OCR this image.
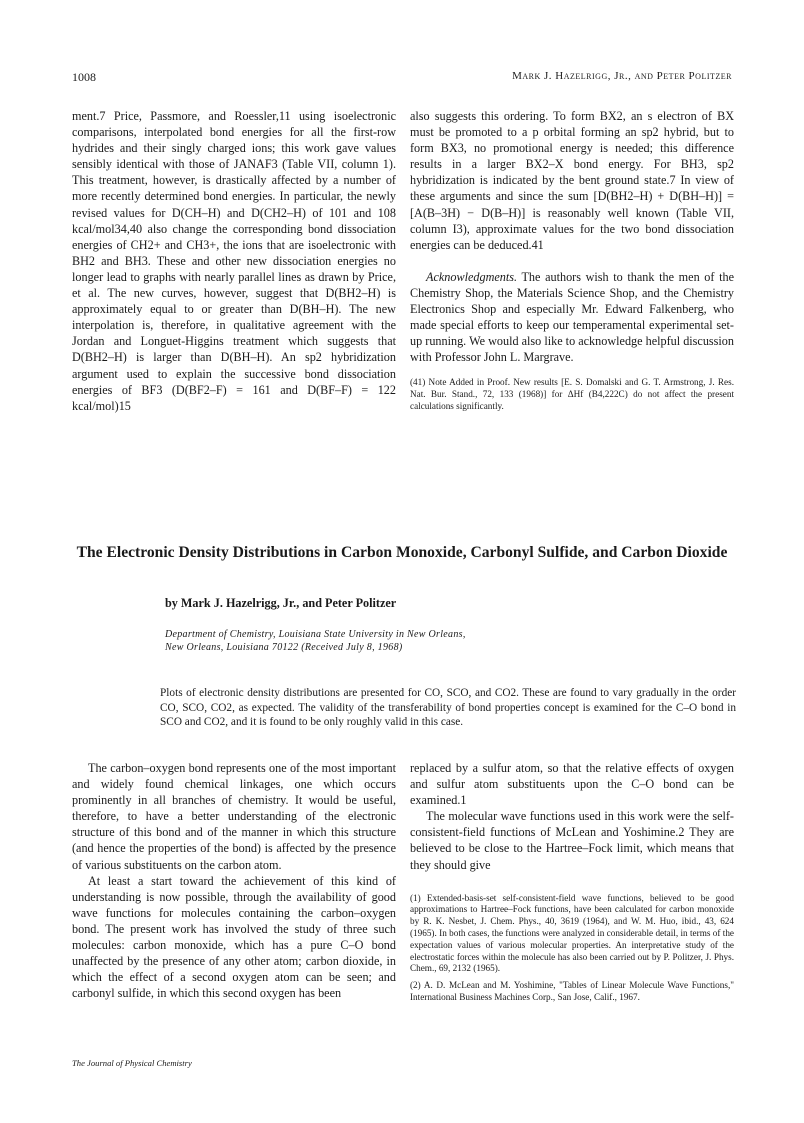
1008	Mark J. Hazelrigg, Jr., and Peter Politzer

ment.7 Price, Passmore, and Roessler,11 using isoelectronic comparisons, interpolated bond energies for all the first-row hydrides and their singly charged ions; this work gave values sensibly identical with those of JANAF3 (Table VII, column 1). This treatment, however, is drastically affected by a number of more recently determined bond energies. In particular, the newly revised values for D(CH–H) and D(CH2–H) of 101 and 108 kcal/mol34,40 also change the corresponding bond dissociation energies of CH2+ and CH3+, the ions that are isoelectronic with BH2 and BH3. These and other new dissociation energies no longer lead to graphs with nearly parallel lines as drawn by Price, et al. The new curves, however, suggest that D(BH2–H) is approximately equal to or greater than D(BH–H). The new interpolation is, therefore, in qualitative agreement with the Jordan and Longuet-Higgins treatment which suggests that D(BH2–H) is larger than D(BH–H). An sp2 hybridization argument used to explain the successive bond dissociation energies of BF3 (D(BF2–F) = 161 and D(BF–F) = 122 kcal/mol)15

also suggests this ordering. To form BX2, an s electron of BX must be promoted to a p orbital forming an sp2 hybrid, but to form BX3, no promotional energy is needed; this difference results in a larger BX2–X bond energy. For BH3, sp2 hybridization is indicated by the bent ground state.7 In view of these arguments and since the sum [D(BH2–H) + D(BH–H)] = [A(B–3H) − D(B–H)] is reasonably well known (Table VII, column I3), approximate values for the two bond dissociation energies can be deduced.41

Acknowledgments. The authors wish to thank the men of the Chemistry Shop, the Materials Science Shop, and the Chemistry Electronics Shop and especially Mr. Edward Falkenberg, who made special efforts to keep our temperamental experimental set-up running. We would also like to acknowledge helpful discussion with Professor John L. Margrave.

(41) Note Added in Proof. New results [E. S. Domalski and G. T. Armstrong, J. Res. Nat. Bur. Stand., 72, 133 (1968)] for ΔHf (B4,222C) do not affect the present calculations significantly.

The Electronic Density Distributions in Carbon Monoxide, Carbonyl Sulfide, and Carbon Dioxide
by Mark J. Hazelrigg, Jr., and Peter Politzer
Department of Chemistry, Louisiana State University in New Orleans,
New Orleans, Louisiana 70122 (Received July 8, 1968)
Plots of electronic density distributions are presented for CO, SCO, and CO2. These are found to vary gradually in the order CO, SCO, CO2, as expected. The validity of the transferability of bond properties concept is examined for the C–O bond in SCO and CO2, and it is found to be only roughly valid in this case.

The carbon–oxygen bond represents one of the most important and widely found chemical linkages, one which occurs prominently in all branches of chemistry. It would be useful, therefore, to have a better understanding of the electronic structure of this bond and of the manner in which this structure (and hence the properties of the bond) is affected by the presence of various substituents on the carbon atom.

At least a start toward the achievement of this kind of understanding is now possible, through the availability of good wave functions for molecules containing the carbon–oxygen bond. The present work has involved the study of three such molecules: carbon monoxide, which has a pure C–O bond unaffected by the presence of any other atom; carbon dioxide, in which the effect of a second oxygen atom can be seen; and carbonyl sulfide, in which this second oxygen has been

replaced by a sulfur atom, so that the relative effects of oxygen and sulfur atom substituents upon the C–O bond can be examined.1

The molecular wave functions used in this work were the self-consistent-field functions of McLean and Yoshimine.2 They are believed to be close to the Hartree–Fock limit, which means that they should give

(1) Extended-basis-set self-consistent-field wave functions, believed to be good approximations to Hartree–Fock functions, have been calculated for carbon monoxide by R. K. Nesbet, J. Chem. Phys., 40, 3619 (1964), and W. M. Huo, ibid., 43, 624 (1965). In both cases, the functions were analyzed in considerable detail, in terms of the expectation values of various molecular properties. An interpretative study of the electrostatic forces within the molecule has also been carried out by P. Politzer, J. Phys. Chem., 69, 2132 (1965).

(2) A. D. McLean and M. Yoshimine, "Tables of Linear Molecule Wave Functions," International Business Machines Corp., San Jose, Calif., 1967.

The Journal of Physical Chemistry
